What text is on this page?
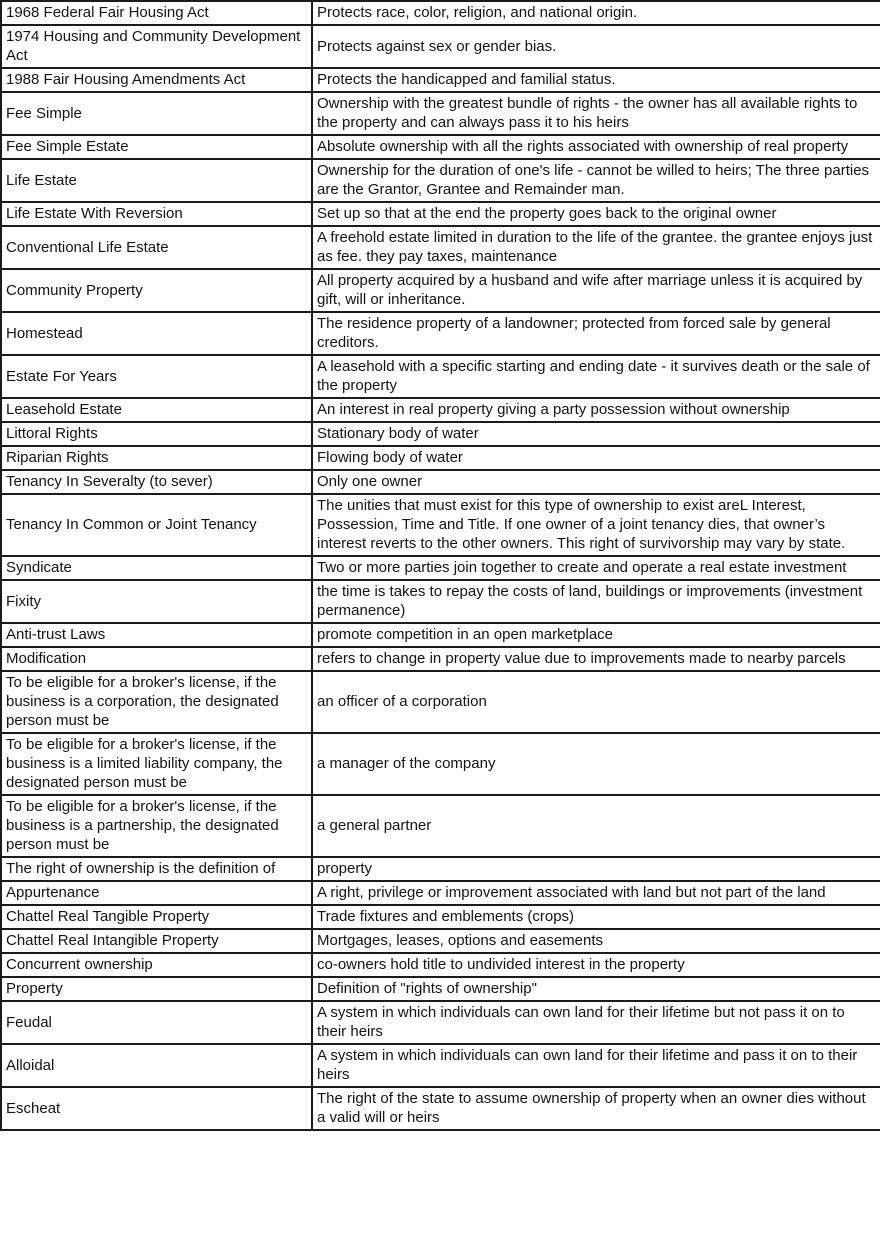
1968 Federal Fair Housing Act	Protects race, color, religion, and national origin.
1974 Housing and Community Development Act	Protects against sex or gender bias.
1988 Fair Housing Amendments Act	Protects the handicapped and familial status.
Fee Simple	Ownership with the greatest bundle of rights - the owner has all available rights to the property and can always pass it to his heirs
Fee Simple Estate	Absolute ownership with all the rights associated with ownership of real property
Life Estate	Ownership for the duration of one's life - cannot be willed to heirs; The three parties are the Grantor, Grantee and Remainder man.
Life Estate With Reversion	Set up so that at the end the property goes back to the original owner
Conventional Life Estate	A freehold estate limited in duration to the life of the grantee. the grantee enjoys just as fee. they pay taxes, maintenance
Community Property	All property acquired by a husband and wife after marriage unless it is acquired by gift, will or inheritance.
Homestead	The residence property of a landowner; protected from forced sale by general creditors.
Estate For Years	A leasehold with a specific starting and ending date - it survives death or the sale of the property
Leasehold Estate	An interest in real property giving a party possession without ownership
Littoral Rights	Stationary body of water
Riparian Rights	Flowing body of water
Tenancy In Severalty (to sever)	Only one owner
Tenancy In Common or Joint Tenancy	The unities that must exist for this type of ownership to exist areL Interest, Possession, Time and Title. If one owner of a joint tenancy dies, that owner’s interest reverts to the other owners. This right of survivorship may vary by state.
Syndicate	Two or more parties join together to create and operate a real estate investment
Fixity	the time is takes to repay the costs of land, buildings or improvements (investment permanence)
Anti-trust Laws	promote competition in an open marketplace
Modification	refers to change in property value due to improvements made to nearby parcels
To be eligible for a broker's license, if the business is a corporation, the designated person must be	an officer of a corporation
To be eligible for a broker's license, if the business is a limited liability company, the designated person must be	a manager of the company
To be eligible for a broker's license, if the business is a partnership, the designated person must be	a general partner
The right of ownership is the definition of	property
Appurtenance	A right, privilege or improvement associated with land but not part of the land
Chattel Real Tangible Property	Trade fixtures and emblements (crops)
Chattel Real Intangible Property	Mortgages, leases, options and easements
Concurrent ownership	co-owners hold title to undivided interest in the property
Property	Definition of "rights of ownership"
Feudal	A system in which individuals can own land for their lifetime but not pass it on to their heirs
Alloidal	A system in which individuals can own land for their lifetime and pass it on to their heirs
Escheat	The right of the state to assume ownership of property when an owner dies without a valid will or heirs
